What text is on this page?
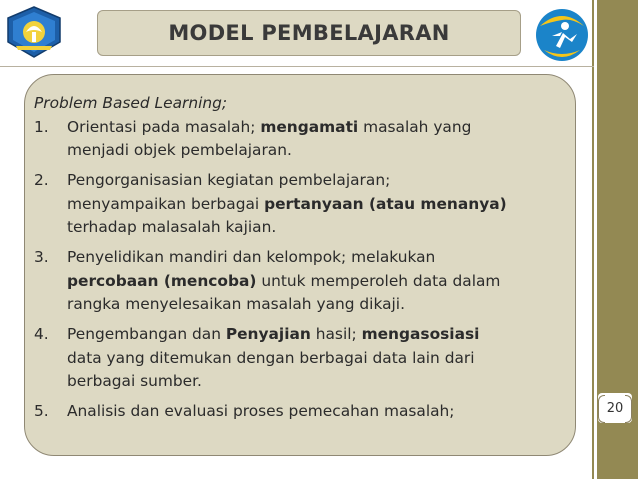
MODEL PEMBELAJARAN

Problem Based Learning;

1. Orientasi pada masalah; mengamati masalah yang
menjadi objek pembelajaran.
2. Pengorganisasian kegiatan pembelajaran;
menyampaikan berbagai pertanyaan (atau menanya)
terhadap malasalah kajian.
3. Penyelidikan mandiri dan kelompok; melakukan
percobaan (mencoba) untuk memperoleh data dalam
rangka menyelesaikan masalah yang dikaji.
4. Pengembangan dan Penyajian hasil; mengasosiasi
data yang ditemukan dengan berbagai data lain dari
berbagai sumber.
5. Analisis dan evaluasi proses pemecahan masalah;	20
